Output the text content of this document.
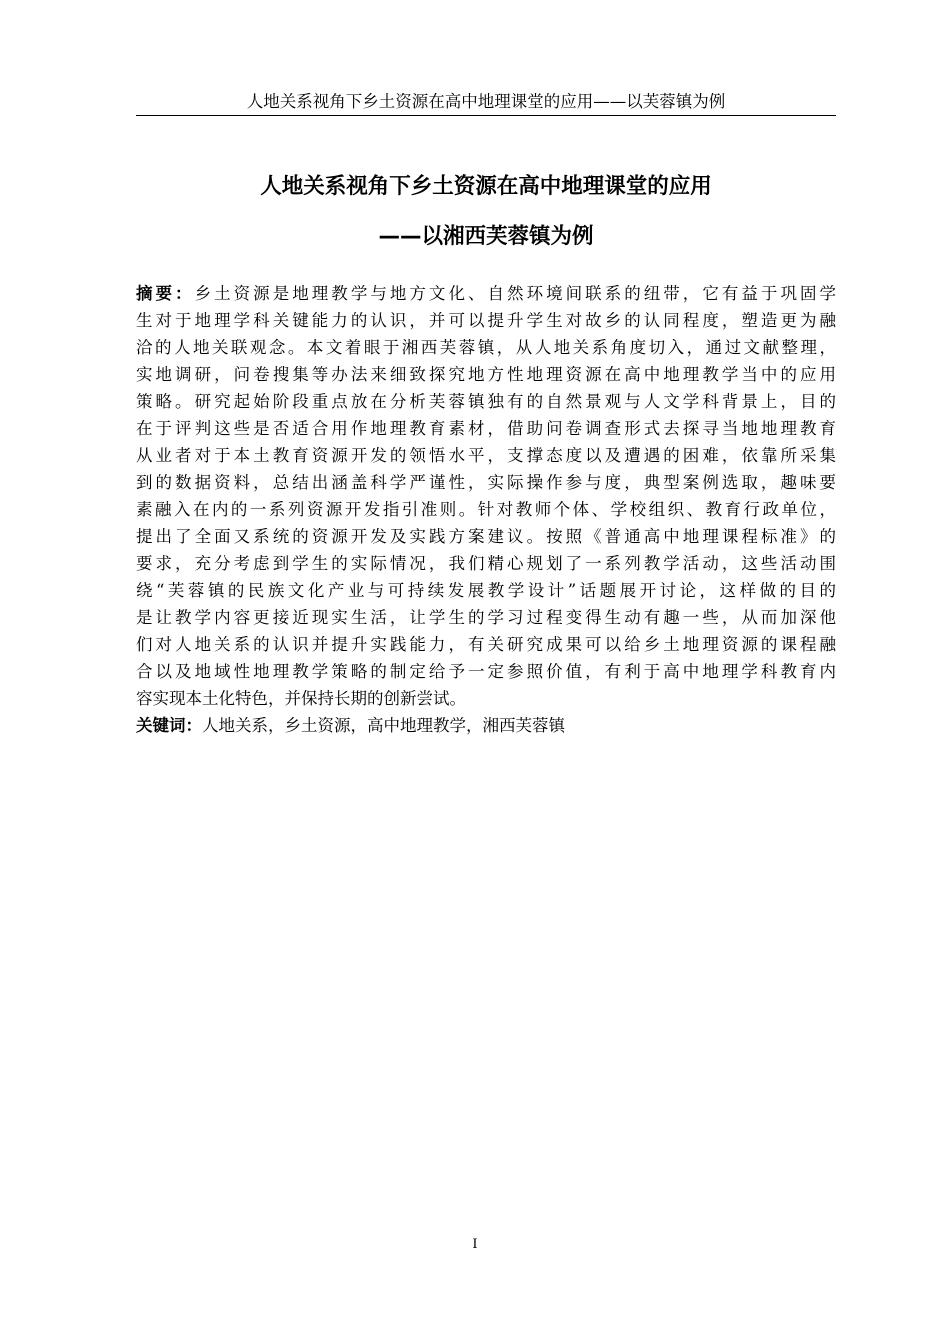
人地关系视角下乡土资源在高中地理课堂的应用——以芙蓉镇为例
人地关系视角下乡土资源在高中地理课堂的应用
——以湘西芙蓉镇为例
摘要：乡土资源是地理教学与地方文化、自然环境间联系的纽带，它有益于巩固学
生对于地理学科关键能力的认识，并可以提升学生对故乡的认同程度，塑造更为融
洽的人地关联观念。本文着眼于湘西芙蓉镇，从人地关系角度切入，通过文献整理，
实地调研，问卷搜集等办法来细致探究地方性地理资源在高中地理教学当中的应用
策略。研究起始阶段重点放在分析芙蓉镇独有的自然景观与人文学科背景上，目的
在于评判这些是否适合用作地理教育素材，借助问卷调查形式去探寻当地地理教育
从业者对于本土教育资源开发的领悟水平，支撑态度以及遭遇的困难，依靠所采集
到的数据资料，总结出涵盖科学严谨性，实际操作参与度，典型案例选取，趣味要
素融入在内的一系列资源开发指引准则。针对教师个体、学校组织、教育行政单位，
提出了全面又系统的资源开发及实践方案建议。按照《普通高中地理课程标准》的
要求，充分考虑到学生的实际情况，我们精心规划了一系列教学活动，这些活动围
绕“芙蓉镇的民族文化产业与可持续发展教学设计”话题展开讨论，这样做的目的
是让教学内容更接近现实生活，让学生的学习过程变得生动有趣一些，从而加深他
们对人地关系的认识并提升实践能力，有关研究成果可以给乡土地理资源的课程融
合以及地域性地理教学策略的制定给予一定参照价值，有利于高中地理学科教育内
容实现本土化特色，并保持长期的创新尝试。
关键词：人地关系，乡土资源，高中地理教学，湘西芙蓉镇
I
